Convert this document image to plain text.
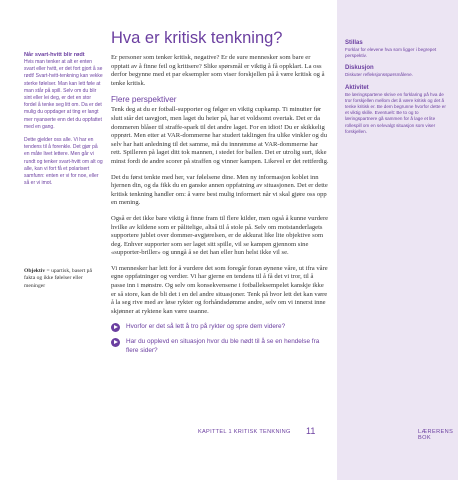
Når svart-hvitt blir rødt

Hvis man tenker at alt er enten svart eller hvitt, er det fort gjort å se rødt! Svart-hvitt-tenkning kan vekke sterke følelser. Man kan lett føle at man står på spill. Selv om du blir sint eller lei deg, er det en stor fordel å tenke seg litt om. Da er det mulig du oppdager at ting er langt mer nyanserte enn det du oppfattet med en gang.

Dette gjelder oss alle. Vi har en tendens til å forenkle. Det gjør på en måte livet lettere. Men går vi rundt og tenker svart-hvitt om alt og alle, kan vi fort få et polarisert samfunn: enten er vi for noe, eller så er vi imot.

Objektiv = upartisk, basert på fakta og ikke følelser eller meninger
Hva er kritisk tenkning?

Er personer som tenker kritisk, negative? Er de sure mennesker som bare er opptatt av å finne feil og kritisere? Slike spørsmål er viktig å få oppklart. La oss derfor begynne med et par eksempler som viser forskjellen på å være kritisk og å tenke kritisk.

Flere perspektiver

Tenk deg at du er fotball-supporter og følger en viktig cupkamp. Ti minutter før slutt står det uavgjort, men laget du heier på, har et voldsomt overtak. Det er da dommeren blåser til straffe-spark til det andre laget. For en idiot! Du er skikkelig opprørt. Men etter at VAR-dommerne har studert taklingen fra ulike vinkler og du selv har hatt anledning til det samme, må du innrømme at VAR-dommerne har rett. Spilleren på laget ditt tok mannen, i stedet for ballen. Det er utrolig surt, ikke minst fordi de andre scorer på straffen og vinner kampen. Likevel er det rettferdig.

Det du først tenkte med her, var følelsene dine. Men ny informasjon koblet inn hjernen din, og da fikk du en ganske annen oppfatning av situasjonen. Det er dette kritisk tenkning handler om: å være best mulig informert når vi skal gjøre oss opp en mening.

Også er det ikke bare viktig å finne fram til flere kilder, men også å kunne vurdere hvilke av kildene som er pålitelige, altså til å stole på. Selv om motstanderlagets supportere jublet over dommer-avgjørelsen, er de akkurat like lite objektive som deg. Enhver supporter som ser laget sitt spille, vil se kampen gjennom sine «supporter-briller» og unngå å se det han eller hun helst ikke vil se.

Vi mennesker har lett for å vurdere det som foregår foran øynene våre, ut ifra våre egne oppfatninger og verdier. Vi har gjerne en tendens til å få det vi tror, til å passe inn i mønstre. Og selv om konsekvensene i fotballeksempelet kanskje ikke er så store, kan de bli det i en del andre situasjoner. Tenk på hvor lett det kan være å la seg rive med av løse rykter og forhåndsdømme andre, selv om vi innerst inne skjønner at ryktene kan være usanne.

Hvorfor er det så lett å tro på rykter og spre dem videre?
Har du opplevd en situasjon hvor du ble nødt til å se en hendelse fra flere sider?

Stillas

Forklar for elevene hva som ligger i begrepet perspektiv.

Diskusjon

Diskuter refleksjonsspørsmålene.

Aktivitet

Be læringspartene skrive en forklaring på hva de tror forskjellen mellom det å være kritisk og det å tenke kritisk er. Be dem begrunne hvorfor dette er et viktig skille. Eventuelt: Be to og to læringspartnere gå sammen for å lage et lite rollespill om en selvvalgt situasjon som viser forskjellen.

KAPITTEL 1 KRITISK TENKNING 11	LÆRERENS BOK
